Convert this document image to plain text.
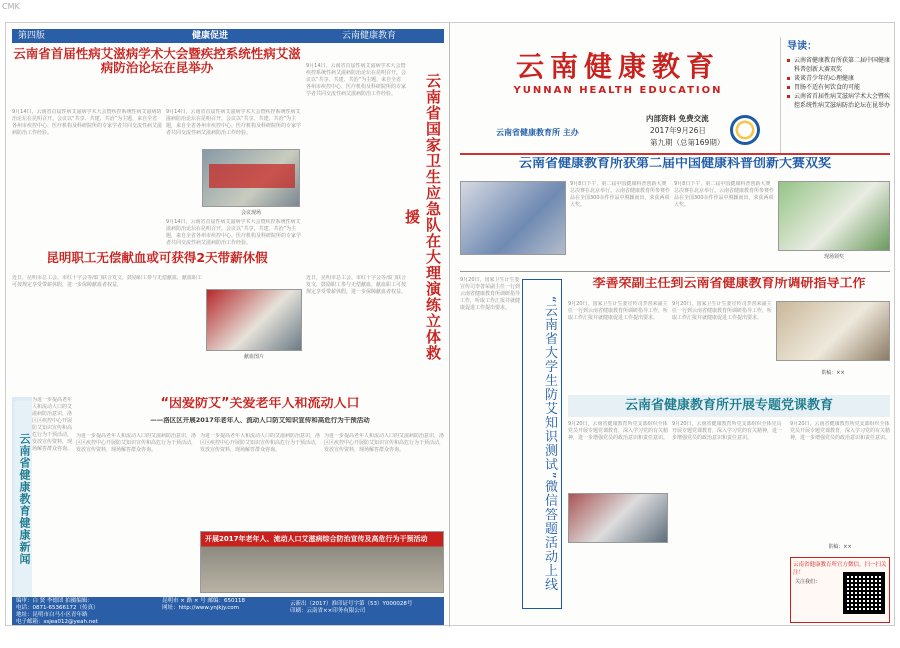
CMK
第四版	健康促进	云南健康教育
云南省首届性病艾滋病学术大会暨疾控系统性病艾滋病防治论坛在昆举办
9月14日，云南省首届性病艾滋病学术大会暨疾控系统性病艾滋病防治论坛在昆明召开。会议以“共享、共建、共治”为主题，来自全省各州市疾控中心、医疗机构及科研院所的专家学者共同交流性病艾滋病防治工作经验。
9月14日，云南省首届性病艾滋病学术大会暨疾控系统性病艾滋病防治论坛在昆明召开。会议以“共享、共建、共治”为主题，来自全省各州市疾控中心、医疗机构及科研院所的专家学者共同交流性病艾滋病防治工作经验。
会议现场
9月14日，云南省首届性病艾滋病学术大会暨疾控系统性病艾滋病防治论坛在昆明召开。会议以“共享、共建、共治”为主题，来自全省各州市疾控中心、医疗机构及科研院所的专家学者共同交流性病艾滋病防治工作经验。
9月14日，云南省首届性病艾滋病学术大会暨疾控系统性病艾滋病防治论坛在昆明召开。会议以“共享、共建、共治”为主题，来自全省各州市疾控中心、医疗机构及科研院所的专家学者共同交流性病艾滋病防治工作经验。	云南省国家卫生应急队在大理演练立体救援
昆明职工无偿献血或可获得2天带薪休假
近日，昆明市总工会、市红十字会等部门联合发文，鼓励职工参与无偿献血，献血职工可按规定享受带薪休假，进一步保障献血者权益。
献血图片
近日，昆明市总工会、市红十字会等部门联合发文，鼓励职工参与无偿献血，献血职工可按规定享受带薪休假，进一步保障献血者权益。
为进一步提高老年人和流动人口的艾滋病防治意识，洛区区疾控中心开展防艾知识宣传和高危行为干预活动，发放宣传资料，现场解答群众咨询。
云南省健康教育健康新闻
“因爱防艾”关爱老年人和流动人口
——洛区区开展2017年老年人、流动人口防艾知识宣传和高危行为干预活动
为进一步提高老年人和流动人口的艾滋病防治意识，洛区区疾控中心开展防艾知识宣传和高危行为干预活动，发放宣传资料，现场解答群众咨询。
为进一步提高老年人和流动人口的艾滋病防治意识，洛区区疾控中心开展防艾知识宣传和高危行为干预活动，发放宣传资料，现场解答群众咨询。
为进一步提高老年人和流动人口的艾滋病防治意识，洛区区疾控中心开展防艾知识宣传和高危行为干预活动，发放宣传资料，现场解答群众咨询。
开展2017年老年人、流动人口艾滋病综合防治宣传及高危行为干预活动
编审：白 贤 李德团 拍摄编辑：
电话：0871-65366172（传真）
地址：昆明市白马小区青年路
电子邮箱：ssjea012@yeah.net
昆明市 × 路 × 号 邮编：650118
网址：http://www.ynjkjy.com
云新出（2017）准印证号字第（53）Y000028号
印刷：云南省××印务有限公司
云南健康教育
YUNNAN HEALTH EDUCATION
云南省健康教育所 主办
内部资料 免费交流
2017年9月26日
第九期（总第169期）
导读：
云南省健康教育所获第二届中国健康科普创新大赛双奖
谈谈青少年的心理健康
胃肠不适有何饮食的可能
云南省首届性病艾滋病学术大会暨疾控系统性病艾滋病防治论坛在昆举办
云南省健康教育所获第二届中国健康科普创新大赛双奖
9月8日下午，第二届中国健康科普创新大赛总决赛在北京举行。云南省健康教育所参赛作品在全国300余件作品中脱颖而出，荣获两项大奖。
9月8日下午，第二届中国健康科普创新大赛总决赛在北京举行。云南省健康教育所参赛作品在全国300余件作品中脱颖而出，荣获两项大奖。
现场领奖
9月20日，国家卫生计生委宣传司李善荣副主任一行到云南省健康教育所调研指导工作，听取工作汇报并就健康促进工作提出要求。	“云南省大学生防艾知识测试”微信答题活动上线
李善荣副主任到云南省健康教育所调研指导工作
9月20日，国家卫生计生委宣传司李善荣副主任一行到云南省健康教育所调研指导工作，听取工作汇报并就健康促进工作提出要求。
9月20日，国家卫生计生委宣传司李善荣副主任一行到云南省健康教育所调研指导工作，听取工作汇报并就健康促进工作提出要求。
供稿：××
云南省健康教育所开展专题党课教育
9月20日，云南省健康教育所党支部组织全体党员开展专题党课教育，深入学习党的有关精神，进一步增强党员的政治意识和责任意识。
9月20日，云南省健康教育所党支部组织全体党员开展专题党课教育，深入学习党的有关精神，进一步增强党员的政治意识和责任意识。
9月20日，云南省健康教育所党支部组织全体党员开展专题党课教育，深入学习党的有关精神，进一步增强党员的政治意识和责任意识。
供稿：××
云南省健康教育所官方微信，扫一扫关注！
关注我们：
